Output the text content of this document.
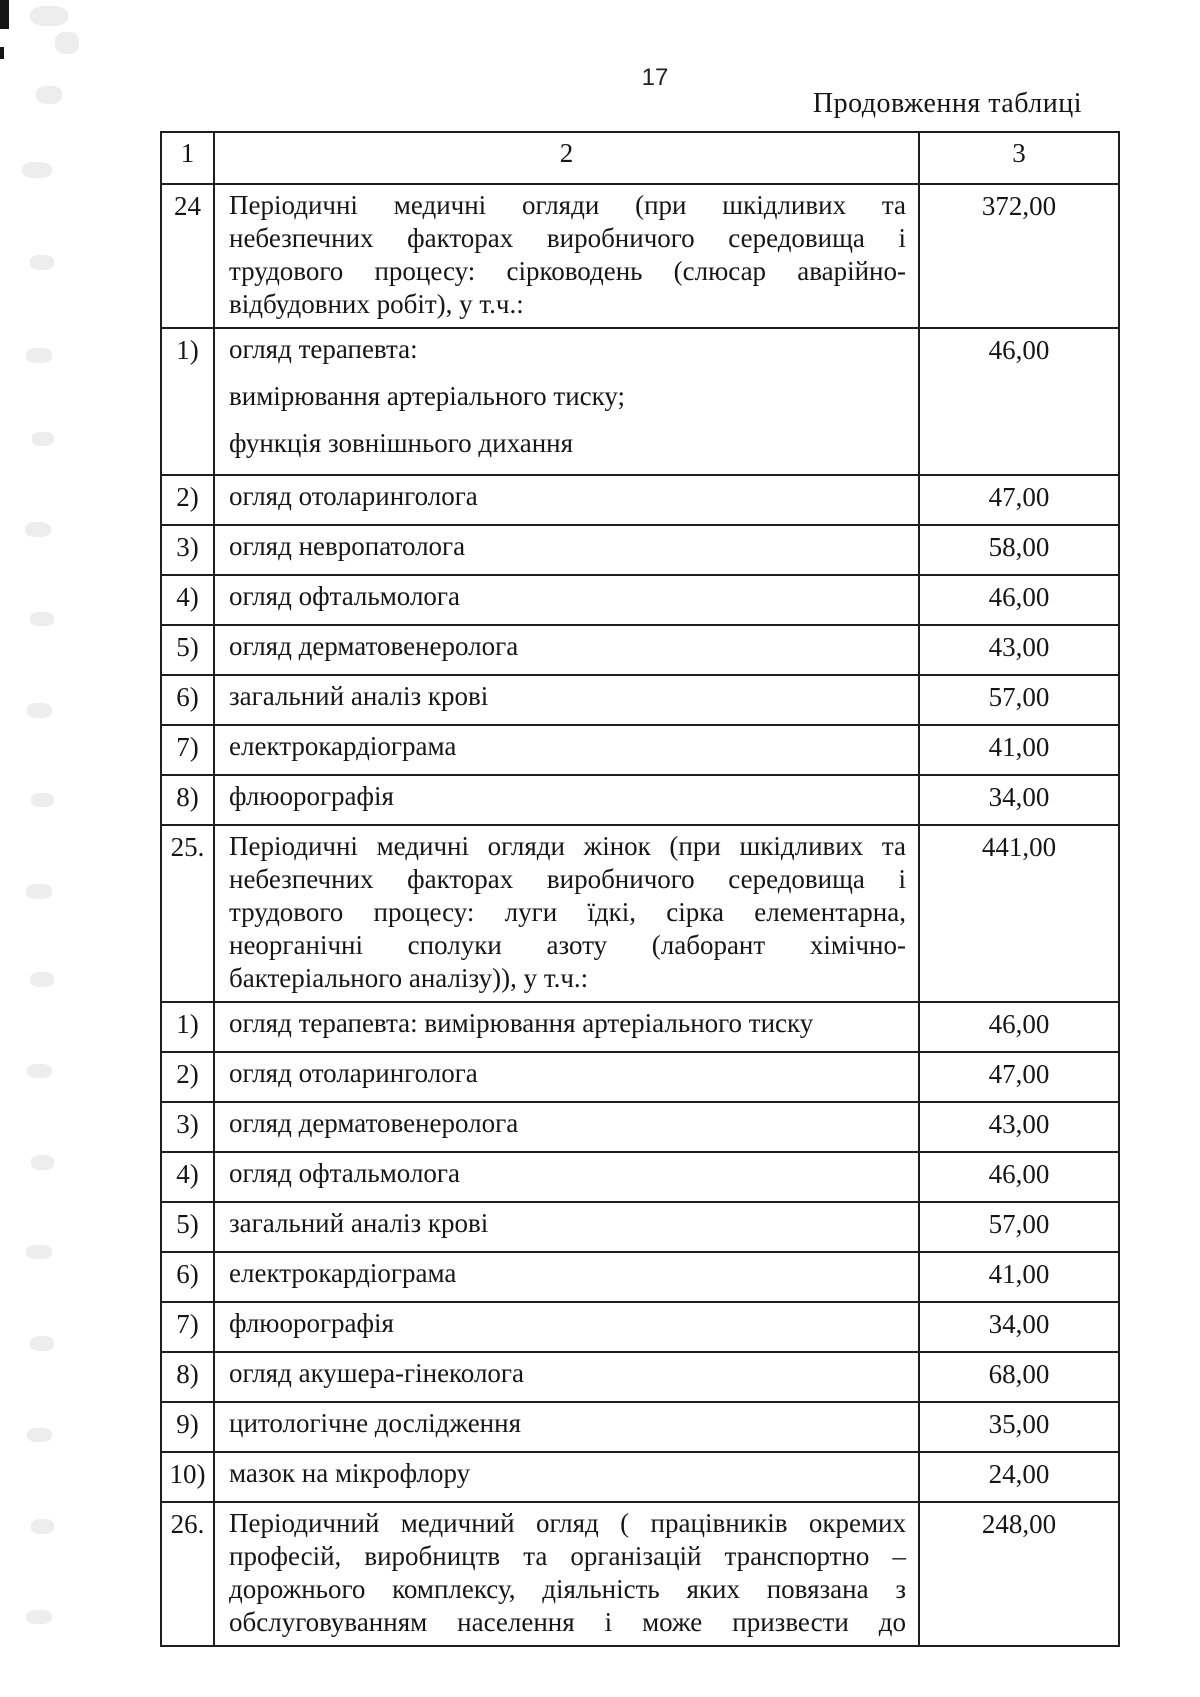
17
Продовження таблиці
1	2	3
24	Періодичні медичні огляди (при шкідливих та небезпечних факторах виробничого середовища і трудового процесу: сірководень (слюсар аварійно-відбудовних робіт), у т.ч.:	372,00
1)	огляд терапевта:
вимірювання артеріального тиску;
функція зовнішнього дихання	46,00
2)	огляд отоларинголога	47,00
3)	огляд невропатолога	58,00
4)	огляд офтальмолога	46,00
5)	огляд дерматовенеролога	43,00
6)	загальний аналіз крові	57,00
7)	електрокардіограма	41,00
8)	флюорографія	34,00
25.	Періодичні медичні огляди жінок (при шкідливих та небезпечних факторах виробничого середовища і трудового процесу: луги їдкі, сірка елементарна, неорганічні сполуки азоту (лаборант хімічно-бактеріального аналізу)), у т.ч.:	441,00
1)	огляд терапевта: вимірювання артеріального тиску	46,00
2)	огляд отоларинголога	47,00
3)	огляд дерматовенеролога	43,00
4)	огляд офтальмолога	46,00
5)	загальний аналіз крові	57,00
6)	електрокардіограма	41,00
7)	флюорографія	34,00
8)	огляд акушера-гінеколога	68,00
9)	цитологічне дослідження	35,00
10)	мазок на мікрофлору	24,00
26.	Періодичний медичний огляд ( працівників окремих професій, виробництв та організацій транспортно – дорожнього комплексу, діяльність яких повязана з обслуговуванням населення і може призвести до	248,00
